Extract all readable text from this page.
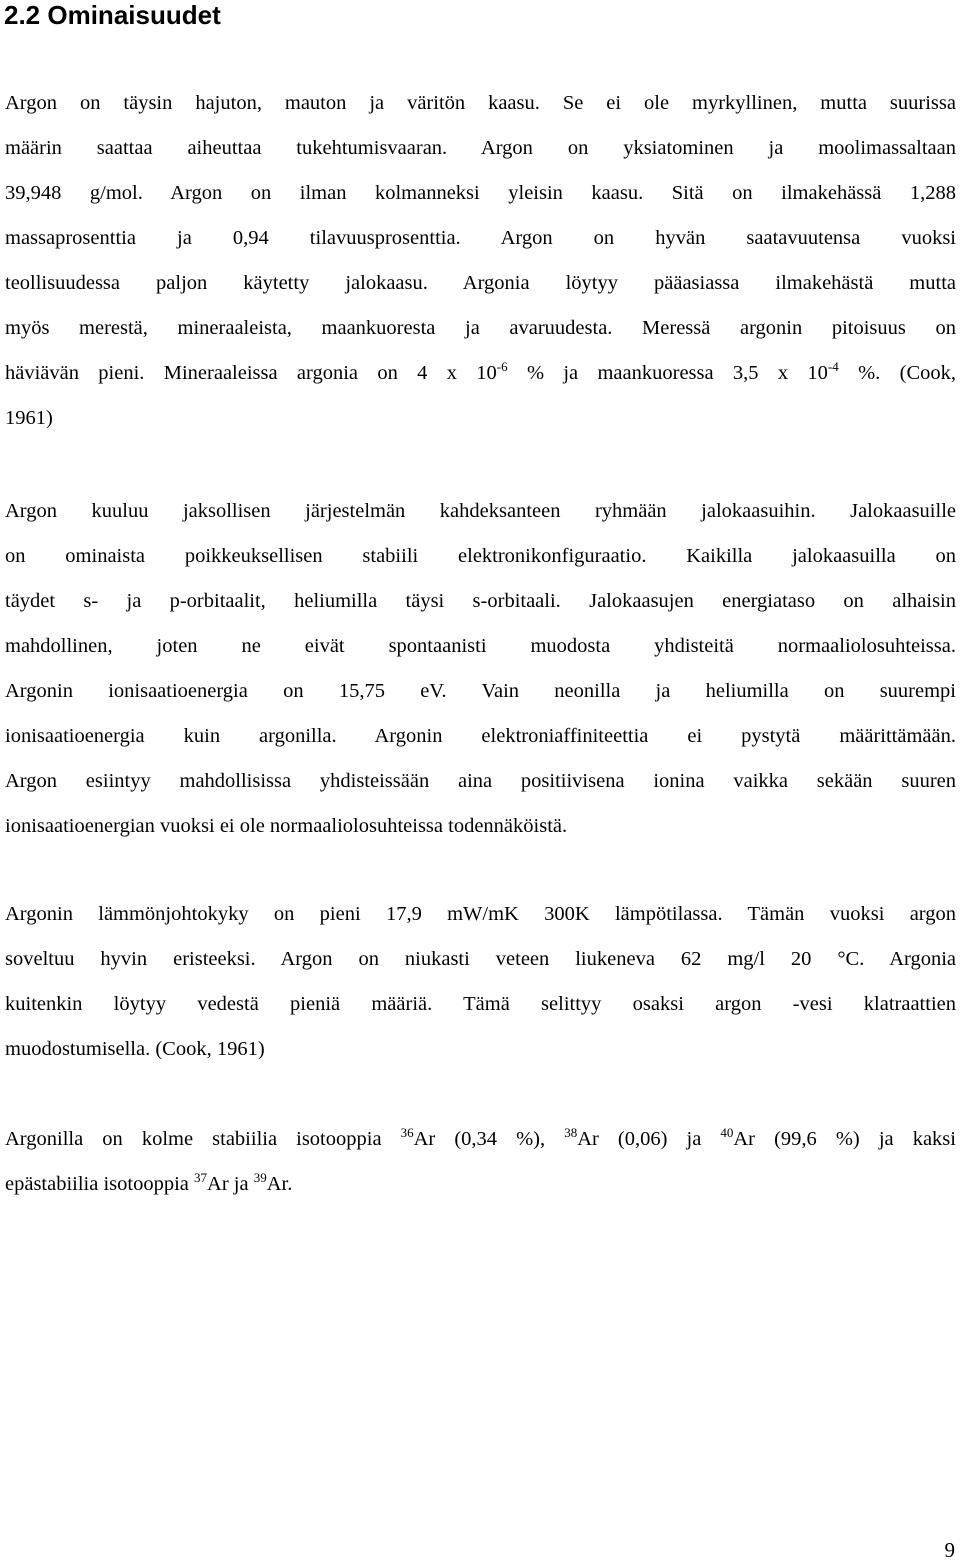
2.2 Ominaisuudet

Argon on täysin hajuton, mauton ja väritön kaasu. Se ei ole myrkyllinen, mutta suurissa
määrin saattaa aiheuttaa tukehtumisvaaran. Argon on yksiatominen ja moolimassaltaan
39,948 g/mol. Argon on ilman kolmanneksi yleisin kaasu. Sitä on ilmakehässä 1,288
massaprosenttia ja 0,94 tilavuusprosenttia. Argon on hyvän saatavuutensa vuoksi
teollisuudessa paljon käytetty jalokaasu. Argonia löytyy pääasiassa ilmakehästä mutta
myös merestä, mineraaleista, maankuoresta ja avaruudesta. Meressä argonin pitoisuus on
häviävän pieni. Mineraaleissa argonia on 4 x $10^{-6}$ % ja maankuoressa 3,5 x $10^{-4}$ %. (Cook,
1961)

Argon kuuluu jaksollisen järjestelmän kahdeksanteen ryhmään jalokaasuihin. Jalokaasuille
on ominaista poikkeuksellisen stabiili elektronikonfiguraatio. Kaikilla jalokaasuilla on
täydet s- ja p-orbitaalit, heliumilla täysi s-orbitaali. Jalokaasujen energiataso on alhaisin
mahdollinen, joten ne eivät spontaanisti muodosta yhdisteitä normaaliolosuhteissa.
Argonin ionisaatioenergia on 15,75 eV. Vain neonilla ja heliumilla on suurempi
ionisaatioenergia kuin argonilla. Argonin elektroniaffiniteettia ei pystytä määrittämään.
Argon esiintyy mahdollisissa yhdisteissään aina positiivisena ionina vaikka sekään suuren
ionisaatioenergian vuoksi ei ole normaaliolosuhteissa todennäköistä.

Argonin lämmönjohtokyky on pieni 17,9 mW/mK 300K lämpötilassa. Tämän vuoksi argon
soveltuu hyvin eristeeksi. Argon on niukasti veteen liukeneva 62 mg/l 20 °C. Argonia
kuitenkin löytyy vedestä pieniä määriä. Tämä selittyy osaksi argon -vesi klatraattien
muodostumisella. (Cook, 1961)

Argonilla on kolme stabiilia isotooppia $^{36}$Ar (0,34 %), $^{38}$Ar (0,06) ja $^{40}$Ar (99,6 %) ja kaksi
epästabiilia isotooppia $^{37}$Ar ja $^{39}$Ar.

9
